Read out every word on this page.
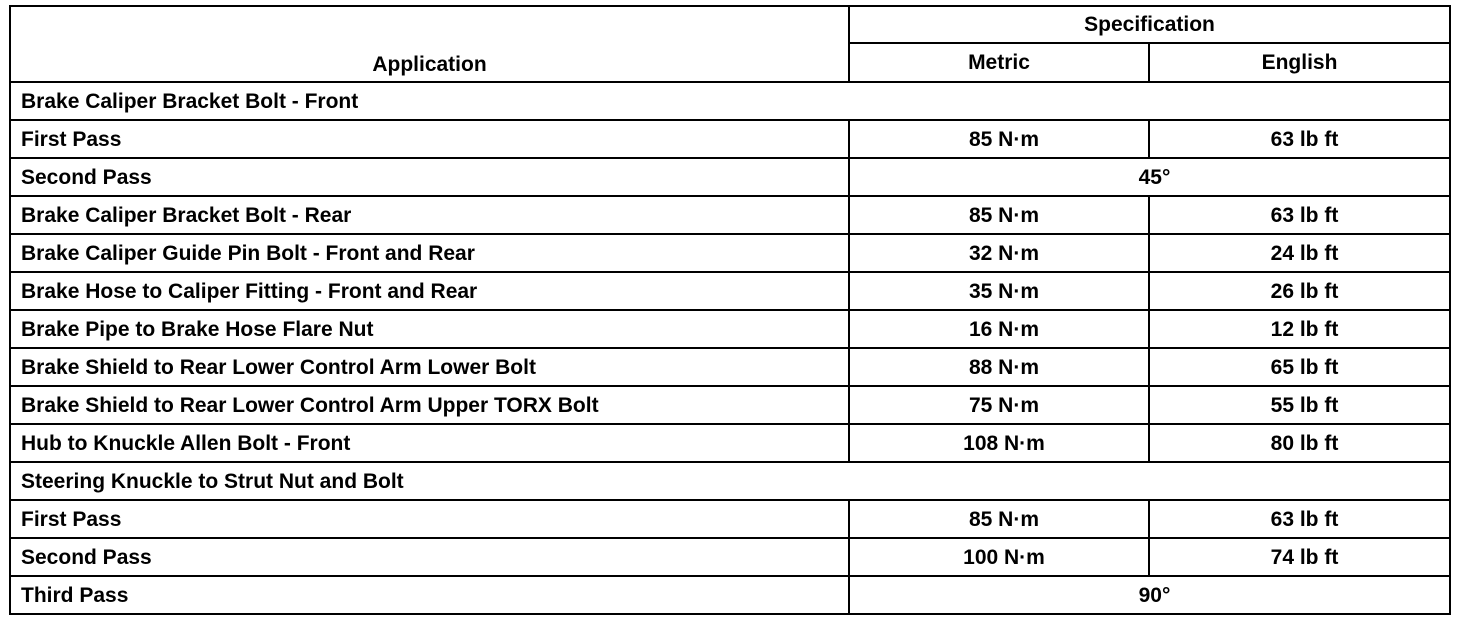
Application	Specification	
	Metric	English
Brake Caliper Bracket Bolt - Front		
First Pass	85 N·m	63 lb ft
Second Pass	45°	
Brake Caliper Bracket Bolt - Rear	85 N·m	63 lb ft
Brake Caliper Guide Pin Bolt - Front and Rear	32 N·m	24 lb ft
Brake Hose to Caliper Fitting - Front and Rear	35 N·m	26 lb ft
Brake Pipe to Brake Hose Flare Nut	16 N·m	12 lb ft
Brake Shield to Rear Lower Control Arm Lower Bolt	88 N·m	65 lb ft
Brake Shield to Rear Lower Control Arm Upper TORX Bolt	75 N·m	55 lb ft
Hub to Knuckle Allen Bolt - Front	108 N·m	80 lb ft
Steering Knuckle to Strut Nut and Bolt		
First Pass	85 N·m	63 lb ft
Second Pass	100 N·m	74 lb ft
Third Pass	90°	
